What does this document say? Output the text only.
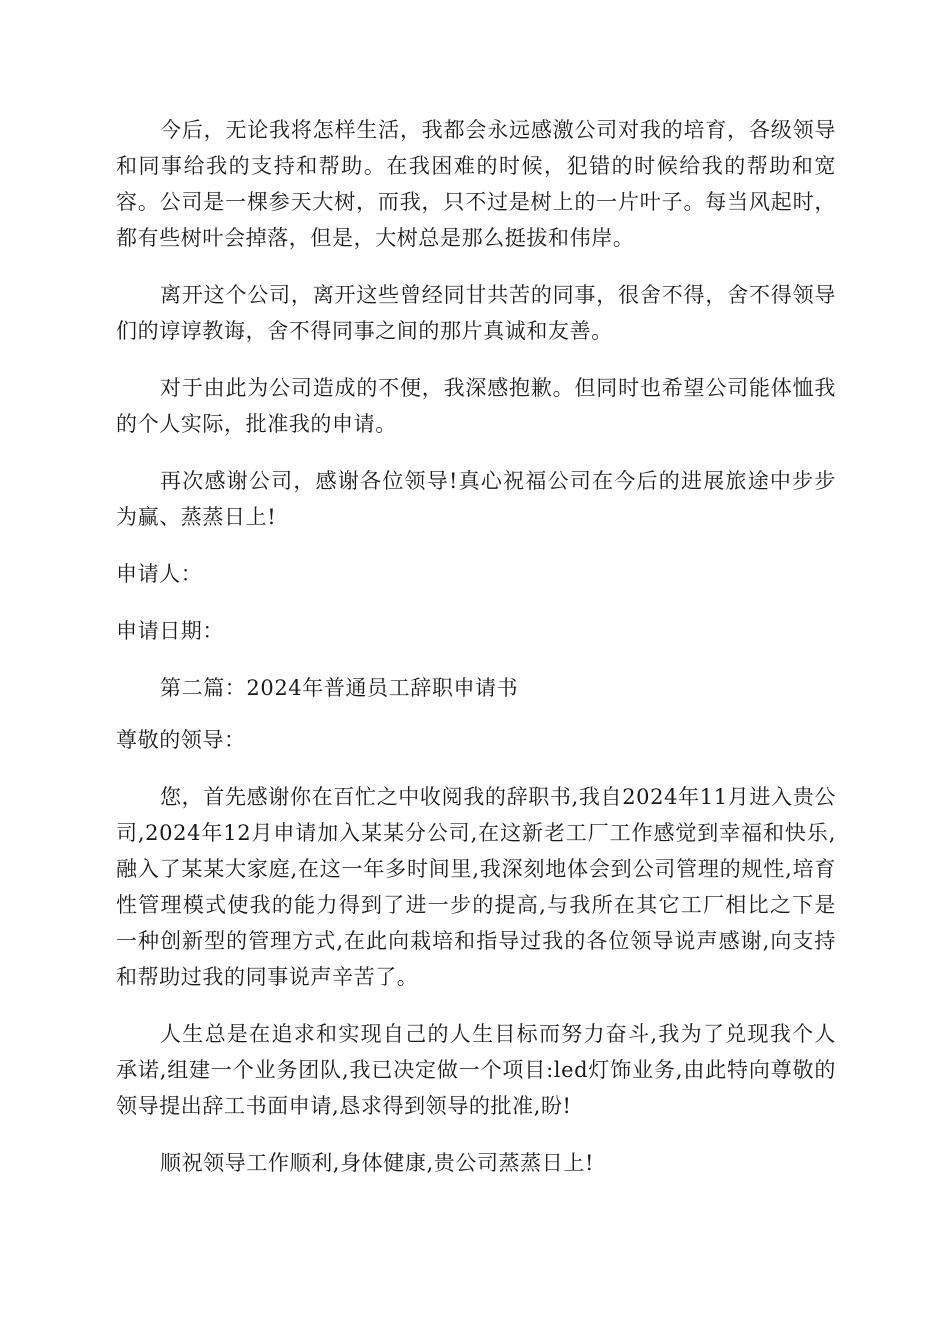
今后，无论我将怎样生活，我都会永远感激公司对我的培育，各级领导和同事给我的支持和帮助。在我困难的时候，犯错的时候给我的帮助和宽容。公司是一棵参天大树，而我，只不过是树上的一片叶子。每当风起时，都有些树叶会掉落，但是，大树总是那么挺拔和伟岸。

离开这个公司，离开这些曾经同甘共苦的同事，很舍不得，舍不得领导们的谆谆教诲，舍不得同事之间的那片真诚和友善。

对于由此为公司造成的不便，我深感抱歉。但同时也希望公司能体恤我的个人实际，批准我的申请。

再次感谢公司，感谢各位领导!真心祝福公司在今后的进展旅途中步步为赢、蒸蒸日上!

申请人：

申请日期：

第二篇：2024年普通员工辞职申请书

尊敬的领导：

您，首先感谢你在百忙之中收阅我的辞职书,我自2024年11月进入贵公司,2024年12月申请加入某某分公司,在这新老工厂工作感觉到幸福和快乐,融入了某某大家庭,在这一年多时间里,我深刻地体会到公司管理的规性,培育性管理模式使我的能力得到了进一步的提高,与我所在其它工厂相比之下是一种创新型的管理方式,在此向栽培和指导过我的各位领导说声感谢,向支持和帮助过我的同事说声辛苦了。

人生总是在追求和实现自己的人生目标而努力奋斗,我为了兑现我个人承诺,组建一个业务团队,我已决定做一个项目:led灯饰业务,由此特向尊敬的领导提出辞工书面申请,恳求得到领导的批准,盼!

顺祝领导工作顺利,身体健康,贵公司蒸蒸日上!
